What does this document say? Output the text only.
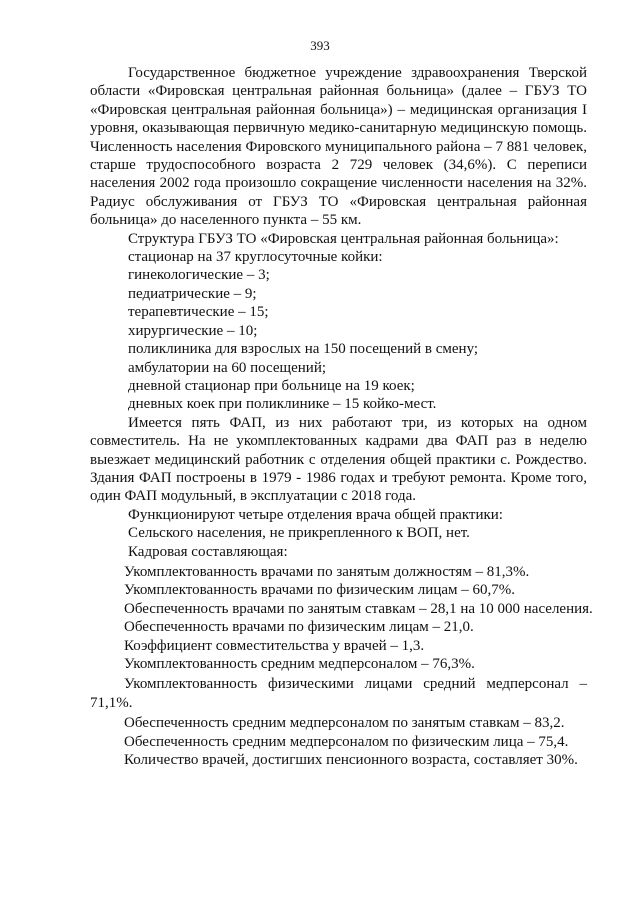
393

Государственное бюджетное учреждение здравоохранения Тверской области «Фировская центральная районная больница» (далее – ГБУЗ ТО «Фировская центральная районная больница») – медицинская организация I уровня, оказывающая первичную медико-санитарную медицинскую помощь. Численность населения Фировского муниципального района – 7 881 человек, старше трудоспособного возраста 2 729 человек (34,6%). С переписи населения 2002 года произошло сокращение численности населения на 32%. Радиус обслуживания от ГБУЗ ТО «Фировская центральная районная больница» до населенного пункта – 55 км.

Структура ГБУЗ ТО «Фировская центральная районная больница»:

стационар на 37 круглосуточные койки:

гинекологические – 3;

педиатрические – 9;

терапевтические – 15;

хирургические – 10;

поликлиника для взрослых на 150 посещений в смену;

амбулатории на 60 посещений;

дневной стационар при больнице на 19 коек;

дневных коек при поликлинике – 15 койко-мест.

Имеется пять ФАП, из них работают три, из которых на одном совместитель. На не укомплектованных кадрами два ФАП раз в неделю выезжает медицинский работник с отделения общей практики с. Рождество. Здания ФАП построены в 1979 - 1986 годах и требуют ремонта. Кроме того, один ФАП модульный, в эксплуатации с 2018 года.

Функционируют четыре отделения врача общей практики:

Сельского населения, не прикрепленного к ВОП, нет.

Кадровая составляющая:

Укомплектованность врачами по занятым должностям – 81,3%.

Укомплектованность врачами по физическим лицам – 60,7%.

Обеспеченность врачами по занятым ставкам – 28,1 на 10 000 населения.

Обеспеченность врачами по физическим лицам – 21,0.

Коэффициент совместительства у врачей – 1,3.

Укомплектованность средним медперсоналом – 76,3%.

Укомплектованность физическими лицами средний медперсонал – 71,1%.

Обеспеченность средним медперсоналом по занятым ставкам – 83,2.

Обеспеченность средним медперсоналом по физическим лица – 75,4.

Количество врачей, достигших пенсионного возраста, составляет 30%.
